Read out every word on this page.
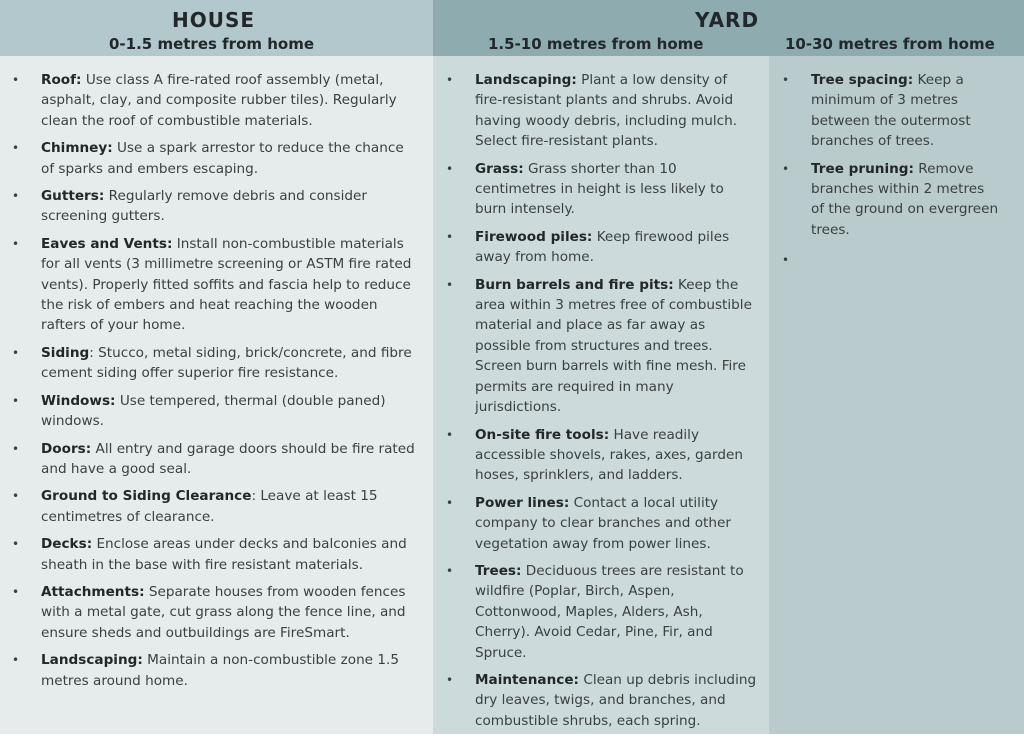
HOUSE
0-1.5 metres from home
YARD
1.5-10 metres from home	10-30 metres from home
• Roof: Use class A fire-rated roof assembly (metal, asphalt, clay, and composite rubber tiles). Regularly clean the roof of combustible materials.
• Chimney: Use a spark arrestor to reduce the chance of sparks and embers escaping.
• Gutters: Regularly remove debris and consider screening gutters.
• Eaves and Vents: Install non-combustible materials for all vents (3 millimetre screening or ASTM fire rated vents). Properly fitted soffits and fascia help to reduce the risk of embers and heat reaching the wooden rafters of your home.
• Siding: Stucco, metal siding, brick/concrete, and fibre cement siding offer superior fire resistance.
• Windows: Use tempered, thermal (double paned) windows.
• Doors: All entry and garage doors should be fire rated and have a good seal.
• Ground to Siding Clearance: Leave at least 15 centimetres of clearance.
• Decks: Enclose areas under decks and balconies and sheath in the base with fire resistant materials.
• Attachments: Separate houses from wooden fences with a metal gate, cut grass along the fence line, and ensure sheds and outbuildings are FireSmart.
• Landscaping: Maintain a non-combustible zone 1.5 metres around home.
• Landscaping: Plant a low density of fire-resistant plants and shrubs. Avoid having woody debris, including mulch. Select fire-resistant plants.
• Grass: Grass shorter than 10 centimetres in height is less likely to burn intensely.
• Firewood piles: Keep firewood piles away from home.
• Burn barrels and fire pits: Keep the area within 3 metres free of combustible material and place as far away as possible from structures and trees. Screen burn barrels with fine mesh. Fire permits are required in many jurisdictions.
• On-site fire tools: Have readily accessible shovels, rakes, axes, garden hoses, sprinklers, and ladders.
• Power lines: Contact a local utility company to clear branches and other vegetation away from power lines.
• Trees: Deciduous trees are resistant to wildfire (Poplar, Birch, Aspen, Cottonwood, Maples, Alders, Ash, Cherry). Avoid Cedar, Pine, Fir, and Spruce.
• Maintenance: Clean up debris including dry leaves, twigs, and branches, and combustible shrubs, each spring.
• Tree spacing: Keep a minimum of 3 metres between the outermost branches of trees.
• Tree pruning: Remove branches within 2 metres of the ground on evergreen trees.
•
